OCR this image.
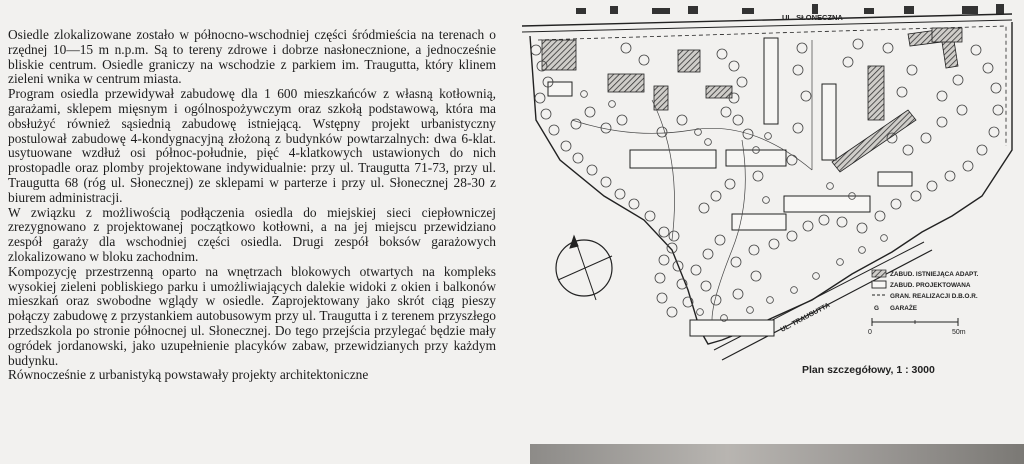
Osiedle zlokalizowane zostało w północno-wschodniej części śródmieścia na terenach o rzędnej 10—15 m n.p.m. Są to tereny zdrowe i dobrze nasłonecznione, a jednocześnie bliskie centrum. Osiedle graniczy na wschodzie z parkiem im. Traugutta, który klinem zieleni wnika w centrum miasta.

Program osiedla przewidywał zabudowę dla 1 600 mieszkańców z własną kotłownią, garażami, sklepem mięsnym i ogólnospożywczym oraz szkołą podstawową, która ma obsłużyć również sąsiednią zabudowę istniejącą. Wstępny projekt urbanistyczny postulował zabudowę 4-kondygnacyjną złożoną z budynków powtarzalnych: dwa 6-klat. usytuowane wzdłuż osi północ-południe, pięć 4-klatkowych ustawionych do nich prostopadle oraz plomby projektowane indywidualnie: przy ul. Traugutta 71-73, przy ul. Traugutta 68 (róg ul. Słonecznej) ze sklepami w parterze i przy ul. Słonecznej 28-30 z biurem administracji.

W związku z możliwością podłączenia osiedla do miejskiej sieci ciepłowniczej zrezygnowano z projektowanej początkowo kotłowni, a na jej miejscu przewidziano zespół garaży dla wschodniej części osiedla. Drugi zespół boksów garażowych zlokalizowano w bloku zachodnim.

Kompozycję przestrzenną oparto na wnętrzach blokowych otwartych na kompleks wysokiej zieleni pobliskiego parku i umożliwiających dalekie widoki z okien i balkonów mieszkań oraz swobodne wglądy w osiedle. Zaprojektowany jako skrót ciąg pieszy połączy zabudowę z przystankiem autobusowym przy ul. Traugutta i z terenem przyszłego przedszkola po stronie północnej ul. Słonecznej. Do tego przejścia przylegać będzie mały ogródek jordanowski, jako uzupełnienie placyków zabaw, przewidzianych przy każdym budynku.

Równocześnie z urbanistyką powstawały projekty architektoniczne

UL. SŁONECZNA
UL. TRAUGUTTA
ZABUD. ISTNIEJĄCA ADAPT.
ZABUD. PROJEKTOWANA
GRAN. REALIZACJI D.B.O.R.
G GARAŻE
0	50m
Plan szczegółowy, 1 : 3000
